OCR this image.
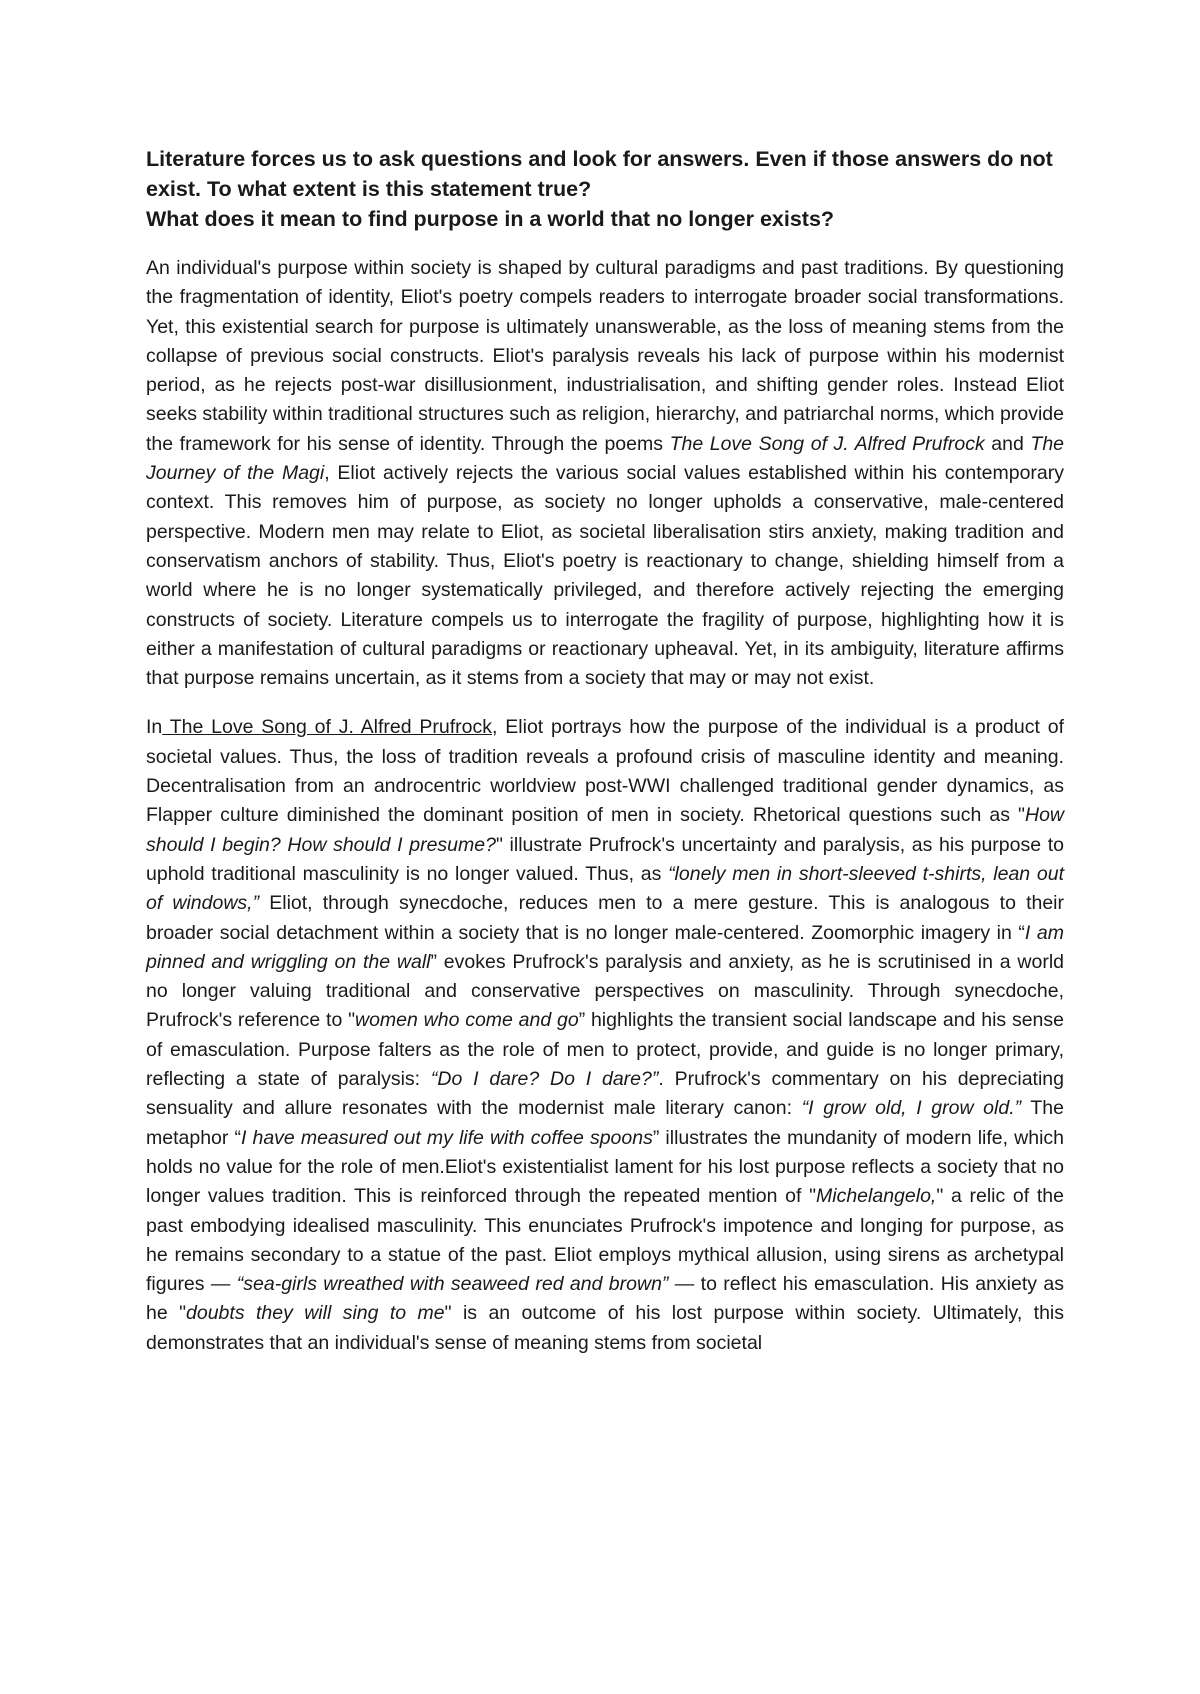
Literature forces us to ask questions and look for answers. Even if those answers do not exist. To what extent is this statement true?

What does it mean to find purpose in a world that no longer exists?

An individual's purpose within society is shaped by cultural paradigms and past traditions. By questioning the fragmentation of identity, Eliot's poetry compels readers to interrogate broader social transformations. Yet, this existential search for purpose is ultimately unanswerable, as the loss of meaning stems from the collapse of previous social constructs. Eliot's paralysis reveals his lack of purpose within his modernist period, as he rejects post-war disillusionment, industrialisation, and shifting gender roles. Instead Eliot seeks stability within traditional structures such as religion, hierarchy, and patriarchal norms, which provide the framework for his sense of identity. Through the poems The Love Song of J. Alfred Prufrock and The Journey of the Magi, Eliot actively rejects the various social values established within his contemporary context. This removes him of purpose, as society no longer upholds a conservative, male-centered perspective. Modern men may relate to Eliot, as societal liberalisation stirs anxiety, making tradition and conservatism anchors of stability. Thus, Eliot's poetry is reactionary to change, shielding himself from a world where he is no longer systematically privileged, and therefore actively rejecting the emerging constructs of society. Literature compels us to interrogate the fragility of purpose, highlighting how it is either a manifestation of cultural paradigms or reactionary upheaval. Yet, in its ambiguity, literature affirms that purpose remains uncertain, as it stems from a society that may or may not exist.

In The Love Song of J. Alfred Prufrock, Eliot portrays how the purpose of the individual is a product of societal values. Thus, the loss of tradition reveals a profound crisis of masculine identity and meaning. Decentralisation from an androcentric worldview post-WWI challenged traditional gender dynamics, as Flapper culture diminished the dominant position of men in society. Rhetorical questions such as "How should I begin? How should I presume?" illustrate Prufrock's uncertainty and paralysis, as his purpose to uphold traditional masculinity is no longer valued. Thus, as “lonely men in short-sleeved t-shirts, lean out of windows,” Eliot, through synecdoche, reduces men to a mere gesture. This is analogous to their broader social detachment within a society that is no longer male-centered. Zoomorphic imagery in “I am pinned and wriggling on the wall” evokes Prufrock's paralysis and anxiety, as he is scrutinised in a world no longer valuing traditional and conservative perspectives on masculinity. Through synecdoche, Prufrock's reference to "women who come and go” highlights the transient social landscape and his sense of emasculation. Purpose falters as the role of men to protect, provide, and guide is no longer primary, reflecting a state of paralysis: “Do I dare? Do I dare?”. Prufrock's commentary on his depreciating sensuality and allure resonates with the modernist male literary canon: “I grow old, I grow old.” The metaphor “I have measured out my life with coffee spoons” illustrates the mundanity of modern life, which holds no value for the role of men.Eliot's existentialist lament for his lost purpose reflects a society that no longer values tradition. This is reinforced through the repeated mention of "Michelangelo," a relic of the past embodying idealised masculinity. This enunciates Prufrock's impotence and longing for purpose, as he remains secondary to a statue of the past. Eliot employs mythical allusion, using sirens as archetypal figures — “sea-girls wreathed with seaweed red and brown” — to reflect his emasculation. His anxiety as he "doubts they will sing to me" is an outcome of his lost purpose within society. Ultimately, this demonstrates that an individual's sense of meaning stems from societal
